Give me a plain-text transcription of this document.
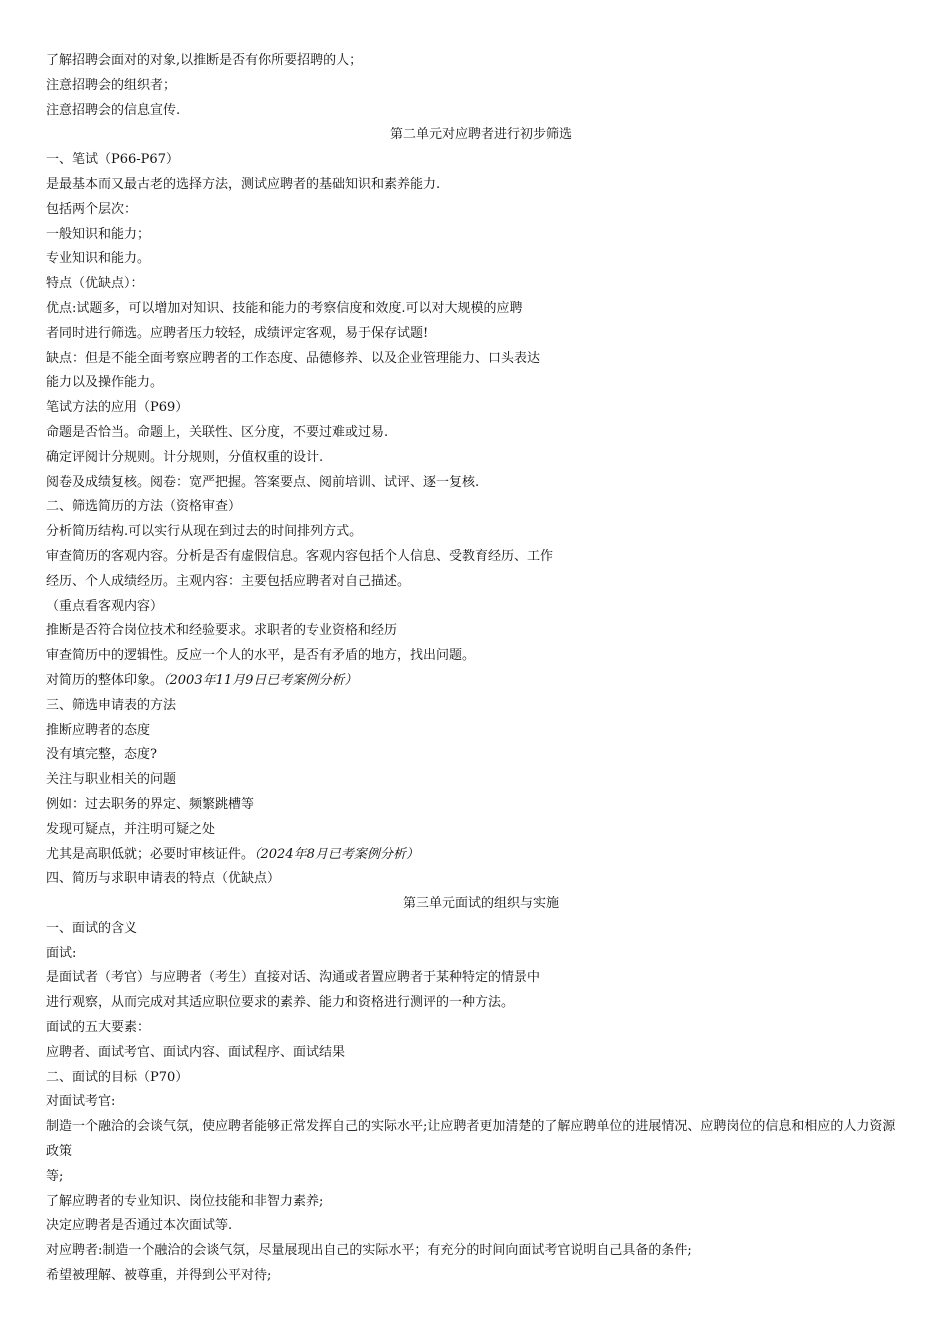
了解招聘会面对的对象,以推断是否有你所要招聘的人；
注意招聘会的组织者；
注意招聘会的信息宣传.
第二单元对应聘者进行初步筛选
一、笔试（P66-P67）
是最基本而又最古老的选择方法，测试应聘者的基础知识和素养能力.
包括两个层次：
一般知识和能力；
专业知识和能力。
特点（优缺点）：
优点:试题多，可以增加对知识、技能和能力的考察信度和效度.可以对大规模的应聘
者同时进行筛选。应聘者压力较轻，成绩评定客观，易于保存试题!
缺点：但是不能全面考察应聘者的工作态度、品德修养、以及企业管理能力、口头表达
能力以及操作能力。
笔试方法的应用（P69）
命题是否恰当。命题上，关联性、区分度，不要过难或过易.
确定评阅计分规则。计分规则，分值权重的设计.
阅卷及成绩复核。阅卷：宽严把握。答案要点、阅前培训、试评、逐一复核.
二、筛选简历的方法（资格审查）
分析简历结构.可以实行从现在到过去的时间排列方式。
审查简历的客观内容。分析是否有虚假信息。客观内容包括个人信息、受教育经历、工作
经历、个人成绩经历。主观内容：主要包括应聘者对自己描述。
（重点看客观内容）
推断是否符合岗位技术和经验要求。求职者的专业资格和经历
审查简历中的逻辑性。反应一个人的水平，是否有矛盾的地方，找出问题。
对简历的整体印象。（2003年11月9日已考案例分析）
三、筛选申请表的方法
推断应聘者的态度
没有填完整，态度?
关注与职业相关的问题
例如：过去职务的界定、频繁跳槽等
发现可疑点，并注明可疑之处
尤其是高职低就；必要时审核证件。（2024年8月已考案例分析）
四、简历与求职申请表的特点（优缺点）
第三单元面试的组织与实施
一、面试的含义
面试:
是面试者（考官）与应聘者（考生）直接对话、沟通或者置应聘者于某种特定的情景中
进行观察，从而完成对其适应职位要求的素养、能力和资格进行测评的一种方法。
面试的五大要素：
应聘者、面试考官、面试内容、面试程序、面试结果
二、面试的目标（P70）
对面试考官:
制造一个融洽的会谈气氛，使应聘者能够正常发挥自己的实际水平;让应聘者更加清楚的了解应聘单位的进展情况、应聘岗位的信息和相应的人力资源政策
等;
了解应聘者的专业知识、岗位技能和非智力素养;
决定应聘者是否通过本次面试等.
对应聘者:制造一个融洽的会谈气氛，尽量展现出自己的实际水平；有充分的时间向面试考官说明自己具备的条件;
希望被理解、被尊重，并得到公平对待;
